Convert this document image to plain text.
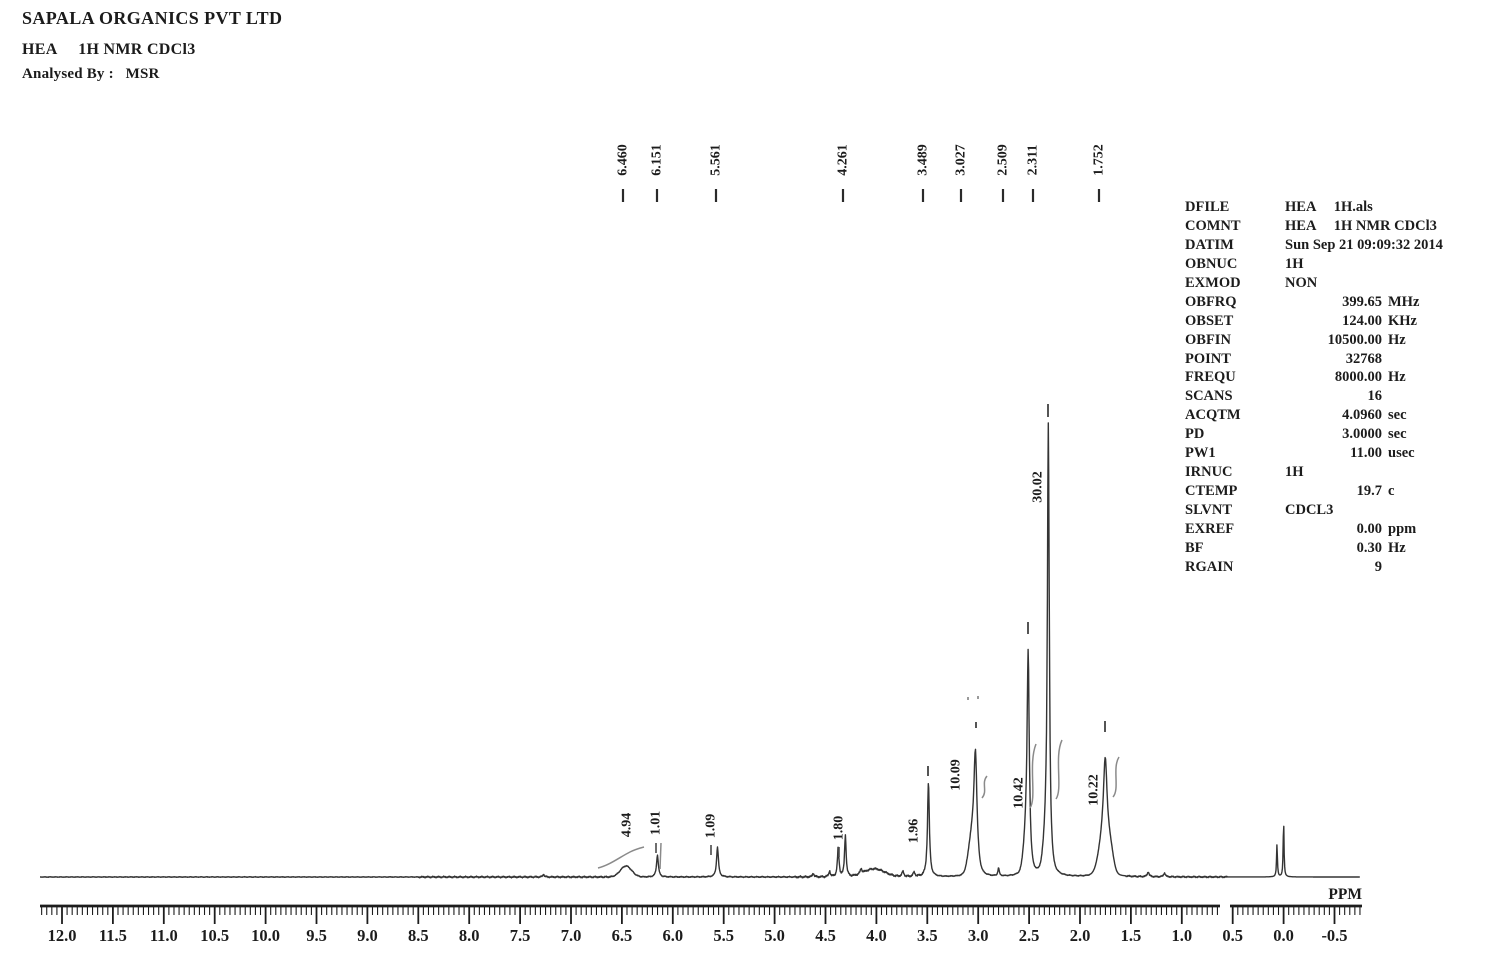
SAPALA ORGANICS PVT LTD
HEA     1H NMR CDCl3
Analysed By :   MSR
6.460 6.151	5.561	4.261	3.489 3.027 2.509 2.311	1.752
4.94 1.01	1.09	1.80	1.96
10.09
10.42
30.02
10.22
-0.5
0.0
0.5
1.0
1.5
2.0
2.5
3.0
3.5
4.0
4.5
5.0
5.5
6.0
6.5
7.0
7.5
8.0
8.5
9.0
9.5
10.0
10.5
11.0
11.5
12.0
PPM
DFILE	HEA     1H.als
COMNT	HEA     1H NMR CDCl3
DATIM	Sun Sep 21 09:09:32 2014
OBNUC	1H
EXMOD	NON
OBFRQ	399.65 MHz
OBSET	124.00 KHz
OBFIN	10500.00 Hz
POINT	32768
FREQU	8000.00 Hz
SCANS	16
ACQTM	4.0960 sec
PD	3.0000 sec
PW1	11.00 usec
IRNUC	1H
CTEMP	19.7 c
SLVNT	CDCL3
EXREF	0.00 ppm
BF	0.30 Hz
RGAIN	9
